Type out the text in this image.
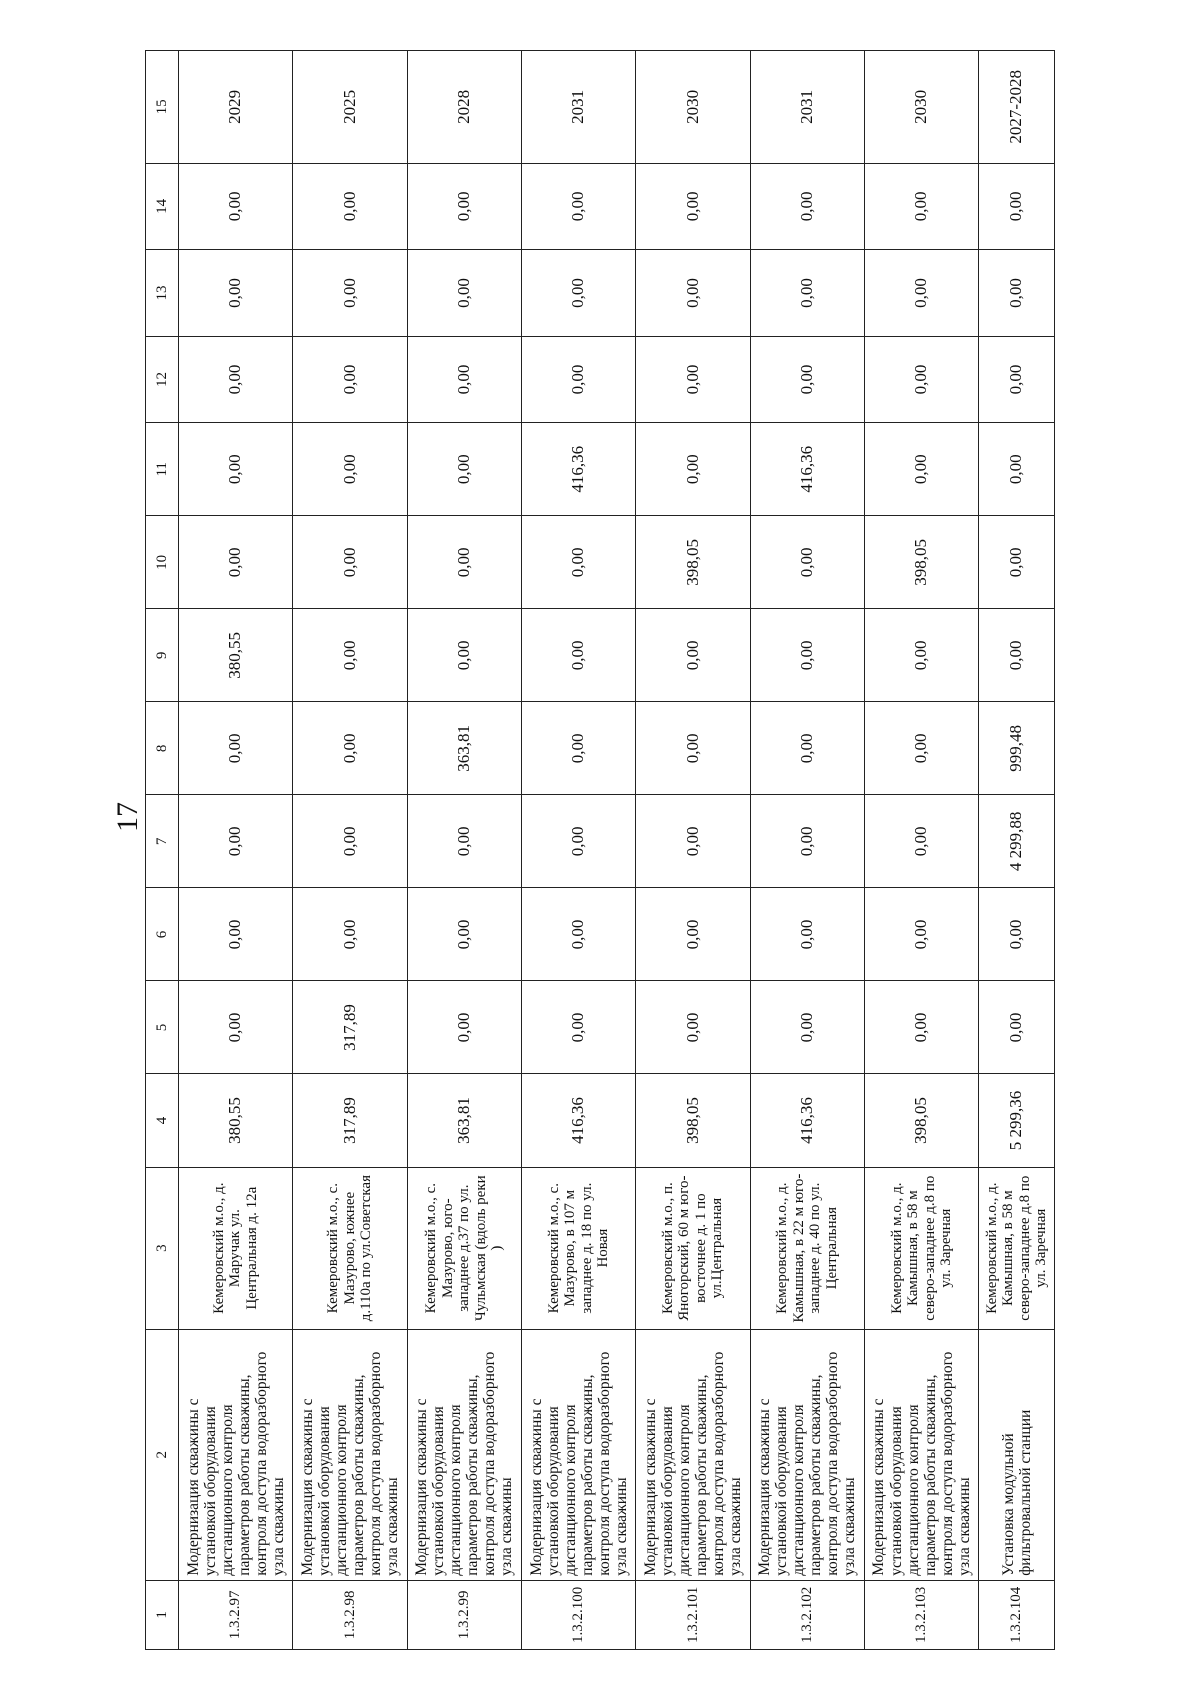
17
1	2	3	4	5	6	7	8	9	10	11	12	13	14	15
1.3.2.97	Модернизация скважины с установкой оборудования дистанционного контроля параметров работы скважины, контроля доступа водоразборного узла скважины	Кемеровский м.о., д. Маручак ул. Центральная д. 12а	380,55	0,00	0,00	0,00	0,00	380,55	0,00	0,00	0,00	0,00	0,00	2029
1.3.2.98	Модернизация скважины с установкой оборудования дистанционного контроля параметров работы скважины, контроля доступа водоразборного узла скважины	Кемеровский м.о., с. Мазурово, южнее д.110а по ул.Советская	317,89	317,89	0,00	0,00	0,00	0,00	0,00	0,00	0,00	0,00	0,00	2025
1.3.2.99	Модернизация скважины с установкой оборудования дистанционного контроля параметров работы скважины, контроля доступа водоразборного узла скважины	Кемеровский м.о., с. Мазурово, юго-западнее д.37 по ул. Чульмская (вдоль реки )	363,81	0,00	0,00	0,00	363,81	0,00	0,00	0,00	0,00	0,00	0,00	2028
1.3.2.100	Модернизация скважины с установкой оборудования дистанционного контроля параметров работы скважины, контроля доступа водоразборного узла скважины	Кемеровский м.о., с. Мазурово, в 107 м западнее д. 18 по ул. Новая	416,36	0,00	0,00	0,00	0,00	0,00	0,00	416,36	0,00	0,00	0,00	2031
1.3.2.101	Модернизация скважины с установкой оборудования дистанционного контроля параметров работы скважины, контроля доступа водоразборного узла скважины	Кемеровский м.о., п. Яногорский, 60 м юго-восточнее д. 1 по ул.Центральная	398,05	0,00	0,00	0,00	0,00	0,00	398,05	0,00	0,00	0,00	0,00	2030
1.3.2.102	Модернизация скважины с установкой оборудования дистанционного контроля параметров работы скважины, контроля доступа водоразборного узла скважины	Кемеровский м.о., д. Камышная, в 22 м юго-западнее д. 40 по ул. Центральная	416,36	0,00	0,00	0,00	0,00	0,00	0,00	416,36	0,00	0,00	0,00	2031
1.3.2.103	Модернизация скважины с установкой оборудования дистанционного контроля параметров работы скважины, контроля доступа водоразборного узла скважины	Кемеровский м.о., д. Камышная, в 58 м северо-западнее д.8 по ул. Заречная	398,05	0,00	0,00	0,00	0,00	0,00	398,05	0,00	0,00	0,00	0,00	2030
1.3.2.104	Установка модульной фильтровальной станции	Кемеровский м.о., д. Камышная, в 58 м северо-западнее д.8 по ул. Заречная	5 299,36	0,00	0,00	4 299,88	999,48	0,00	0,00	0,00	0,00	0,00	0,00	2027-2028
